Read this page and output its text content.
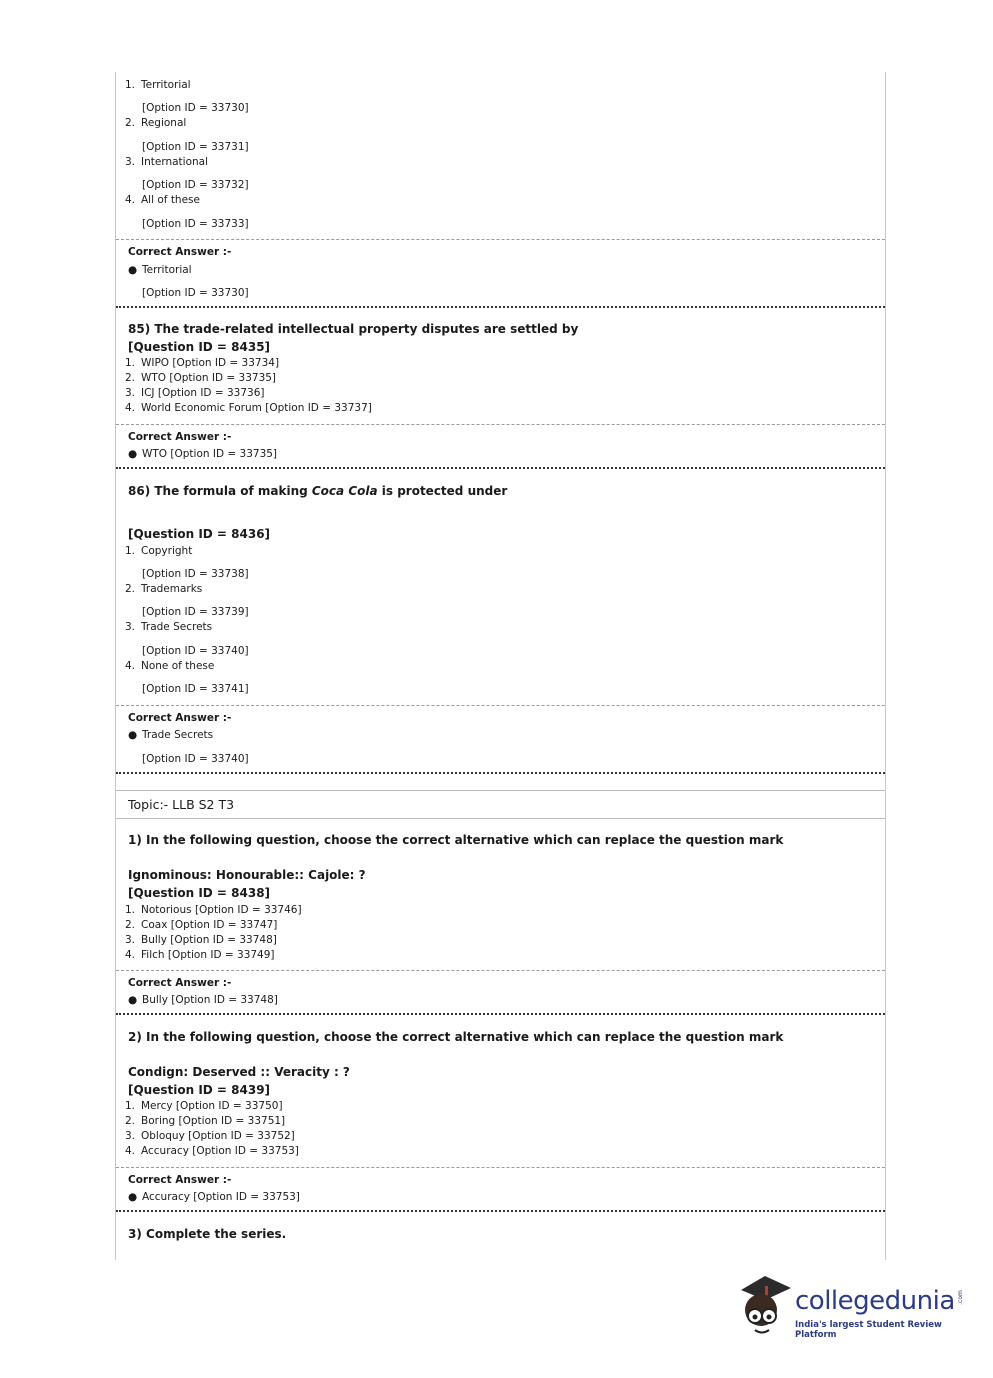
1. Territorial
[Option ID = 33730]
2. Regional
[Option ID = 33731]
3. International
[Option ID = 33732]
4. All of these
[Option ID = 33733]
Correct Answer :-
● Territorial
[Option ID = 33730]
85) The trade-related intellectual property disputes are settled by
[Question ID = 8435]
1. WIPO [Option ID = 33734]
2. WTO [Option ID = 33735]
3. ICJ [Option ID = 33736]
4. World Economic Forum [Option ID = 33737]
Correct Answer :-
● WTO [Option ID = 33735]
86) The formula of making Coca Cola is protected under
[Question ID = 8436]
1. Copyright
[Option ID = 33738]
2. Trademarks
[Option ID = 33739]
3. Trade Secrets
[Option ID = 33740]
4. None of these
[Option ID = 33741]
Correct Answer :-
● Trade Secrets
[Option ID = 33740]
Topic:- LLB S2 T3
1) In the following question, choose the correct alternative which can replace the question mark
Ignominous: Honourable:: Cajole: ?
[Question ID = 8438]
1. Notorious [Option ID = 33746]
2. Coax [Option ID = 33747]
3. Bully [Option ID = 33748]
4. Filch [Option ID = 33749]
Correct Answer :-
● Bully [Option ID = 33748]
2) In the following question, choose the correct alternative which can replace the question mark
Condign: Deserved :: Veracity : ?
[Question ID = 8439]
1. Mercy [Option ID = 33750]
2. Boring [Option ID = 33751]
3. Obloquy [Option ID = 33752]
4. Accuracy [Option ID = 33753]
Correct Answer :-
● Accuracy [Option ID = 33753]
3) Complete the series.
collegedunia .com
India's largest Student Review Platform
